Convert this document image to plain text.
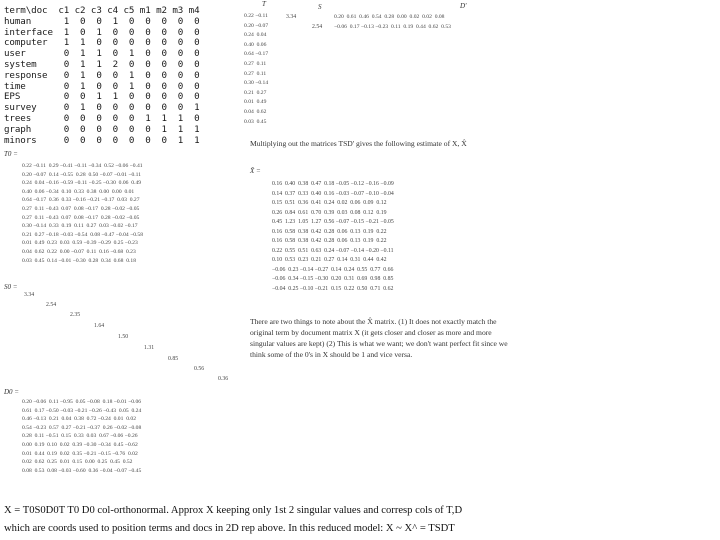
term\doc  c1 c2 c3 c4 c5 m1 m2 m3 m4
human      1  0  0  1  0  0  0  0  0
interface  1  0  1  0  0  0  0  0  0
computer   1  1  0  0  0  0  0  0  0
user       0  1  1  0  1  0  0  0  0
system     0  1  1  2  0  0  0  0  0
response   0  1  0  0  1  0  0  0  0
time       0  1  0  0  1  0  0  0  0
EPS        0  0  1  1  0  0  0  0  0
survey     0  1  0  0  0  0  0  0  1
trees      0  0  0  0  0  1  1  1  0
graph      0  0  0  0  0  0  1  1  1
minors     0  0  0  0  0  0  0  1  1
T0 =
0.22 −0.11  0.29 −0.41 −0.11 −0.34  0.52 −0.06 −0.41
0.20 −0.07  0.14 −0.55  0.28  0.50 −0.07 −0.01 −0.11
0.24  0.04 −0.16 −0.59 −0.11 −0.25 −0.30  0.06  0.49
0.40  0.06 −0.34  0.10  0.33  0.38  0.00  0.00  0.01
0.64 −0.17  0.36  0.33 −0.16 −0.21 −0.17  0.03  0.27
0.27  0.11 −0.43  0.07  0.08 −0.17  0.28 −0.02 −0.05
0.27  0.11 −0.43  0.07  0.08 −0.17  0.28 −0.02 −0.05
0.30 −0.14  0.33  0.19  0.11  0.27  0.03 −0.02 −0.17
0.21  0.27 −0.18 −0.03 −0.54  0.08 −0.47 −0.04 −0.58
0.01  0.49  0.23  0.03  0.59 −0.39 −0.29  0.25 −0.23
0.04  0.62  0.22  0.00 −0.07  0.11  0.16 −0.68  0.23
0.03  0.45  0.14 −0.01 −0.30  0.28  0.34  0.68  0.18
S0 =
3.34
2.54
2.35
1.64
1.50
1.31
0.85
0.56
0.36
D0 =
0.20 −0.06  0.11 −0.95  0.05 −0.08  0.18 −0.01 −0.06
0.61  0.17 −0.50 −0.03 −0.21 −0.26 −0.43  0.05  0.24
0.46 −0.13  0.21  0.04  0.38  0.72 −0.24  0.01  0.02
0.54 −0.23  0.57  0.27 −0.21 −0.37  0.26 −0.02 −0.08
0.28  0.11 −0.51  0.15  0.33  0.03  0.67 −0.06 −0.26
0.00  0.19  0.10  0.02  0.39 −0.30 −0.34  0.45 −0.62
0.01  0.44  0.19  0.02  0.35 −0.21 −0.15 −0.76  0.02
0.02  0.62  0.25  0.01  0.15  0.00  0.25  0.45  0.52
0.08  0.53  0.08 −0.03 −0.60  0.36 −0.04 −0.07 −0.45
T	S	D'
0.22 −0.11
0.20 −0.07
0.24  0.04
0.40  0.06
0.64 −0.17
0.27  0.11
0.27  0.11
0.30 −0.14
0.21  0.27
0.01  0.49
0.04  0.62
0.03  0.45
3.34
2.54
0.20  0.61  0.46  0.54  0.28  0.00  0.02  0.02  0.08
−0.06  0.17 −0.13 −0.23  0.11  0.19  0.44  0.62  0.53
Multiplying out the matrices TSD' gives the following estimate of X, X̂
X̂ =
0.16  0.40  0.38  0.47  0.18 −0.05 −0.12 −0.16 −0.09
0.14  0.37  0.33  0.40  0.16 −0.03 −0.07 −0.10 −0.04
0.15  0.51  0.36  0.41  0.24  0.02  0.06  0.09  0.12
0.26  0.84  0.61  0.70  0.39  0.03  0.08  0.12  0.19
0.45  1.23  1.05  1.27  0.56 −0.07 −0.15 −0.21 −0.05
0.16  0.58  0.38  0.42  0.28  0.06  0.13  0.19  0.22
0.16  0.58  0.38  0.42  0.28  0.06  0.13  0.19  0.22
0.22  0.55  0.51  0.63  0.24 −0.07 −0.14 −0.20 −0.11
0.10  0.53  0.23  0.21  0.27  0.14  0.31  0.44  0.42
−0.06  0.23 −0.14 −0.27  0.14  0.24  0.55  0.77  0.66
−0.06  0.34 −0.15 −0.30  0.20  0.31  0.69  0.98  0.85
−0.04  0.25 −0.10 −0.21  0.15  0.22  0.50  0.71  0.62
There are two things to note about the X̂ matrix. (1) It does not exactly match the original term by document matrix X (it gets closer and closer as more and more singular values are kept) (2) This is what we want; we don't want perfect fit since we think some of the 0's in X should be 1 and vice versa.
X = T0S0D0T T0 D0 col-orthonormal. Approx X keeping only 1st 2 singular values and corresp cols of T,D
which are coords used to position terms and docs in 2D rep above. In this reduced model: X ~ X^ = TSDT
